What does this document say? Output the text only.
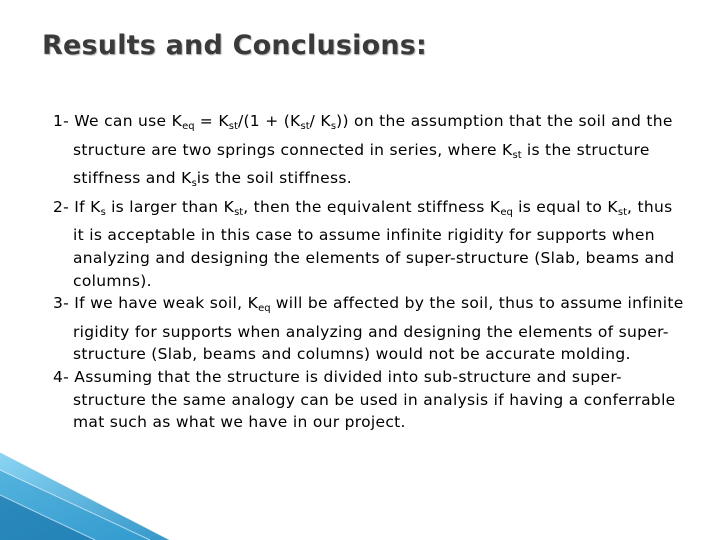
Results and Conclusions:
1- We can use $K_{eq} = K_{st}/(1 + (K_{st}/$ $K_s$)) on the assumption that the soil and the structure are two springs connected in series, where $K_{st}$ is the structure stiffness and $K_sis$ the soil stiffness.
2- If $K_s$ is larger than $K_{st}$, then the equivalent stiffness $K_{eq}$ is equal to $K_{st}$, thus it is acceptable in this case to assume infinite rigidity for supports when analyzing and designing the elements of super-structure (Slab, beams and columns).
3- If we have weak soil, $K_{eq}$ will be affected by the soil, thus to assume infinite rigidity for supports when analyzing and designing the elements of super-structure (Slab, beams and columns) would not be accurate molding.
4- Assuming that the structure is divided into sub-structure and super-structure the same analogy can be used in analysis if having a conferrable mat such as what we have in our project.
